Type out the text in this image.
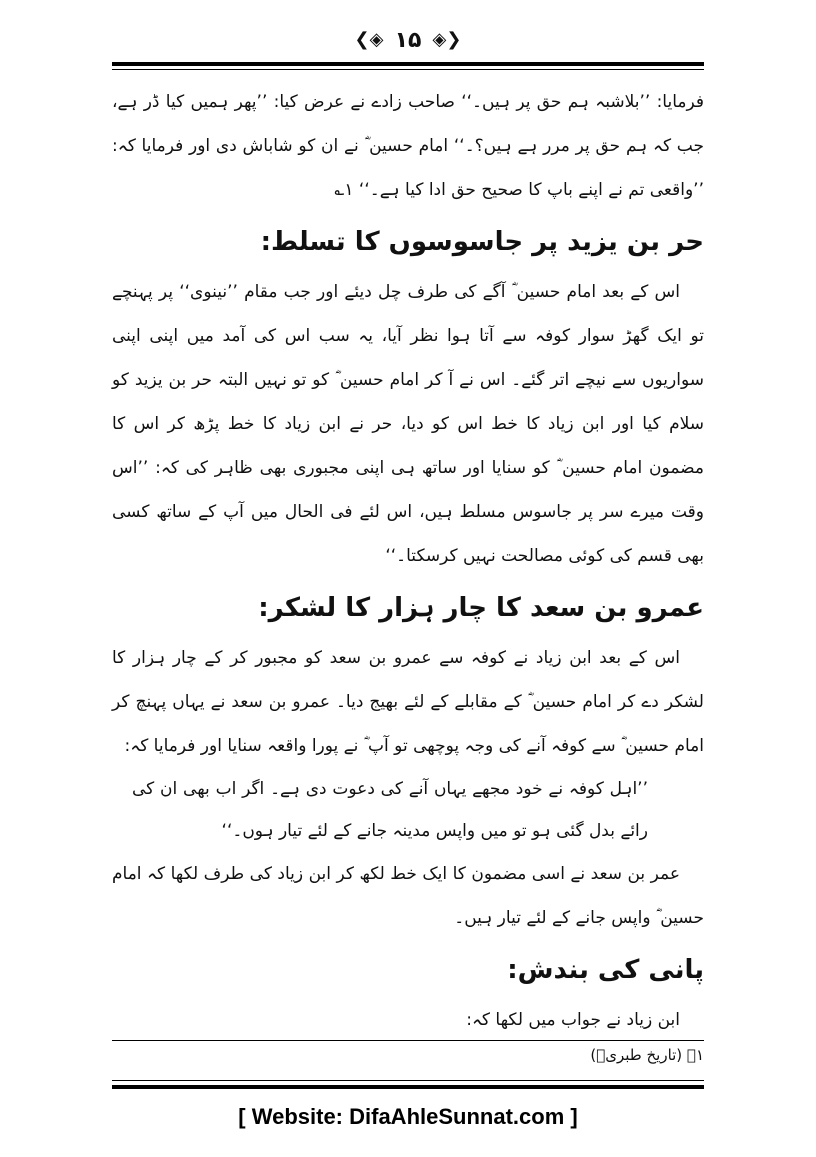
❮◈ ۱۵ ◈❯

فرمایا: ’’بلاشبہ ہم حق پر ہیں۔‘‘ صاحب زادے نے عرض کیا: ’’پھر ہمیں کیا ڈر ہے، جب کہ ہم حق پر مرر ہے ہیں؟۔‘‘ امام حسین ؓ نے ان کو شاباش دی اور فرمایا کہ: ’’واقعی تم نے اپنے باپ کا صحیح حق ادا کیا ہے۔‘‘ ۱؎

حر بن یزید پر جاسوسوں کا تسلط:

اس کے بعد امام حسین ؓ آگے کی طرف چل دیئے اور جب مقام ’’نینوی‘‘ پر پہنچے تو ایک گھڑ سوار کوفہ سے آتا ہوا نظر آیا، یہ سب اس کی آمد میں اپنی اپنی سواریوں سے نیچے اتر گئے۔ اس نے آ کر امام حسین ؓ کو تو نہیں البتہ حر بن یزید کو سلام کیا اور ابن زیاد کا خط اس کو دیا، حر نے ابن زیاد کا خط پڑھ کر اس کا مضمون امام حسین ؓ کو سنایا اور ساتھ ہی اپنی مجبوری بھی ظاہر کی کہ: ’’اس وقت میرے سر پر جاسوس مسلط ہیں، اس لئے فی الحال میں آپ کے ساتھ کسی بھی قسم کی کوئی مصالحت نہیں کرسکتا۔‘‘

عمرو بن سعد کا چار ہزار کا لشکر:

اس کے بعد ابن زیاد نے کوفہ سے عمرو بن سعد کو مجبور کر کے چار ہزار کا لشکر دے کر امام حسین ؓ کے مقابلے کے لئے بھیج دیا۔ عمرو بن سعد نے یہاں پہنچ کر امام حسین ؓ سے کوفہ آنے کی وجہ پوچھی تو آپ ؓ نے پورا واقعہ سنایا اور فرمایا کہ:

’’اہل کوفہ نے خود مجھے یہاں آنے کی دعوت دی ہے۔ اگر اب بھی ان کی رائے بدل گئی ہو تو میں واپس مدینہ جانے کے لئے تیار ہوں۔‘‘

عمر بن سعد نے اسی مضمون کا ایک خط لکھ کر ابن زیاد کی طرف لکھا کہ امام حسین ؓ واپس جانے کے لئے تیار ہیں۔

پانی کی بندش:

ابن زیاد نے جواب میں لکھا کہ:

۱؎ (تاریخ طبریؒ)
[ Website: DifaAhleSunnat.com ]
